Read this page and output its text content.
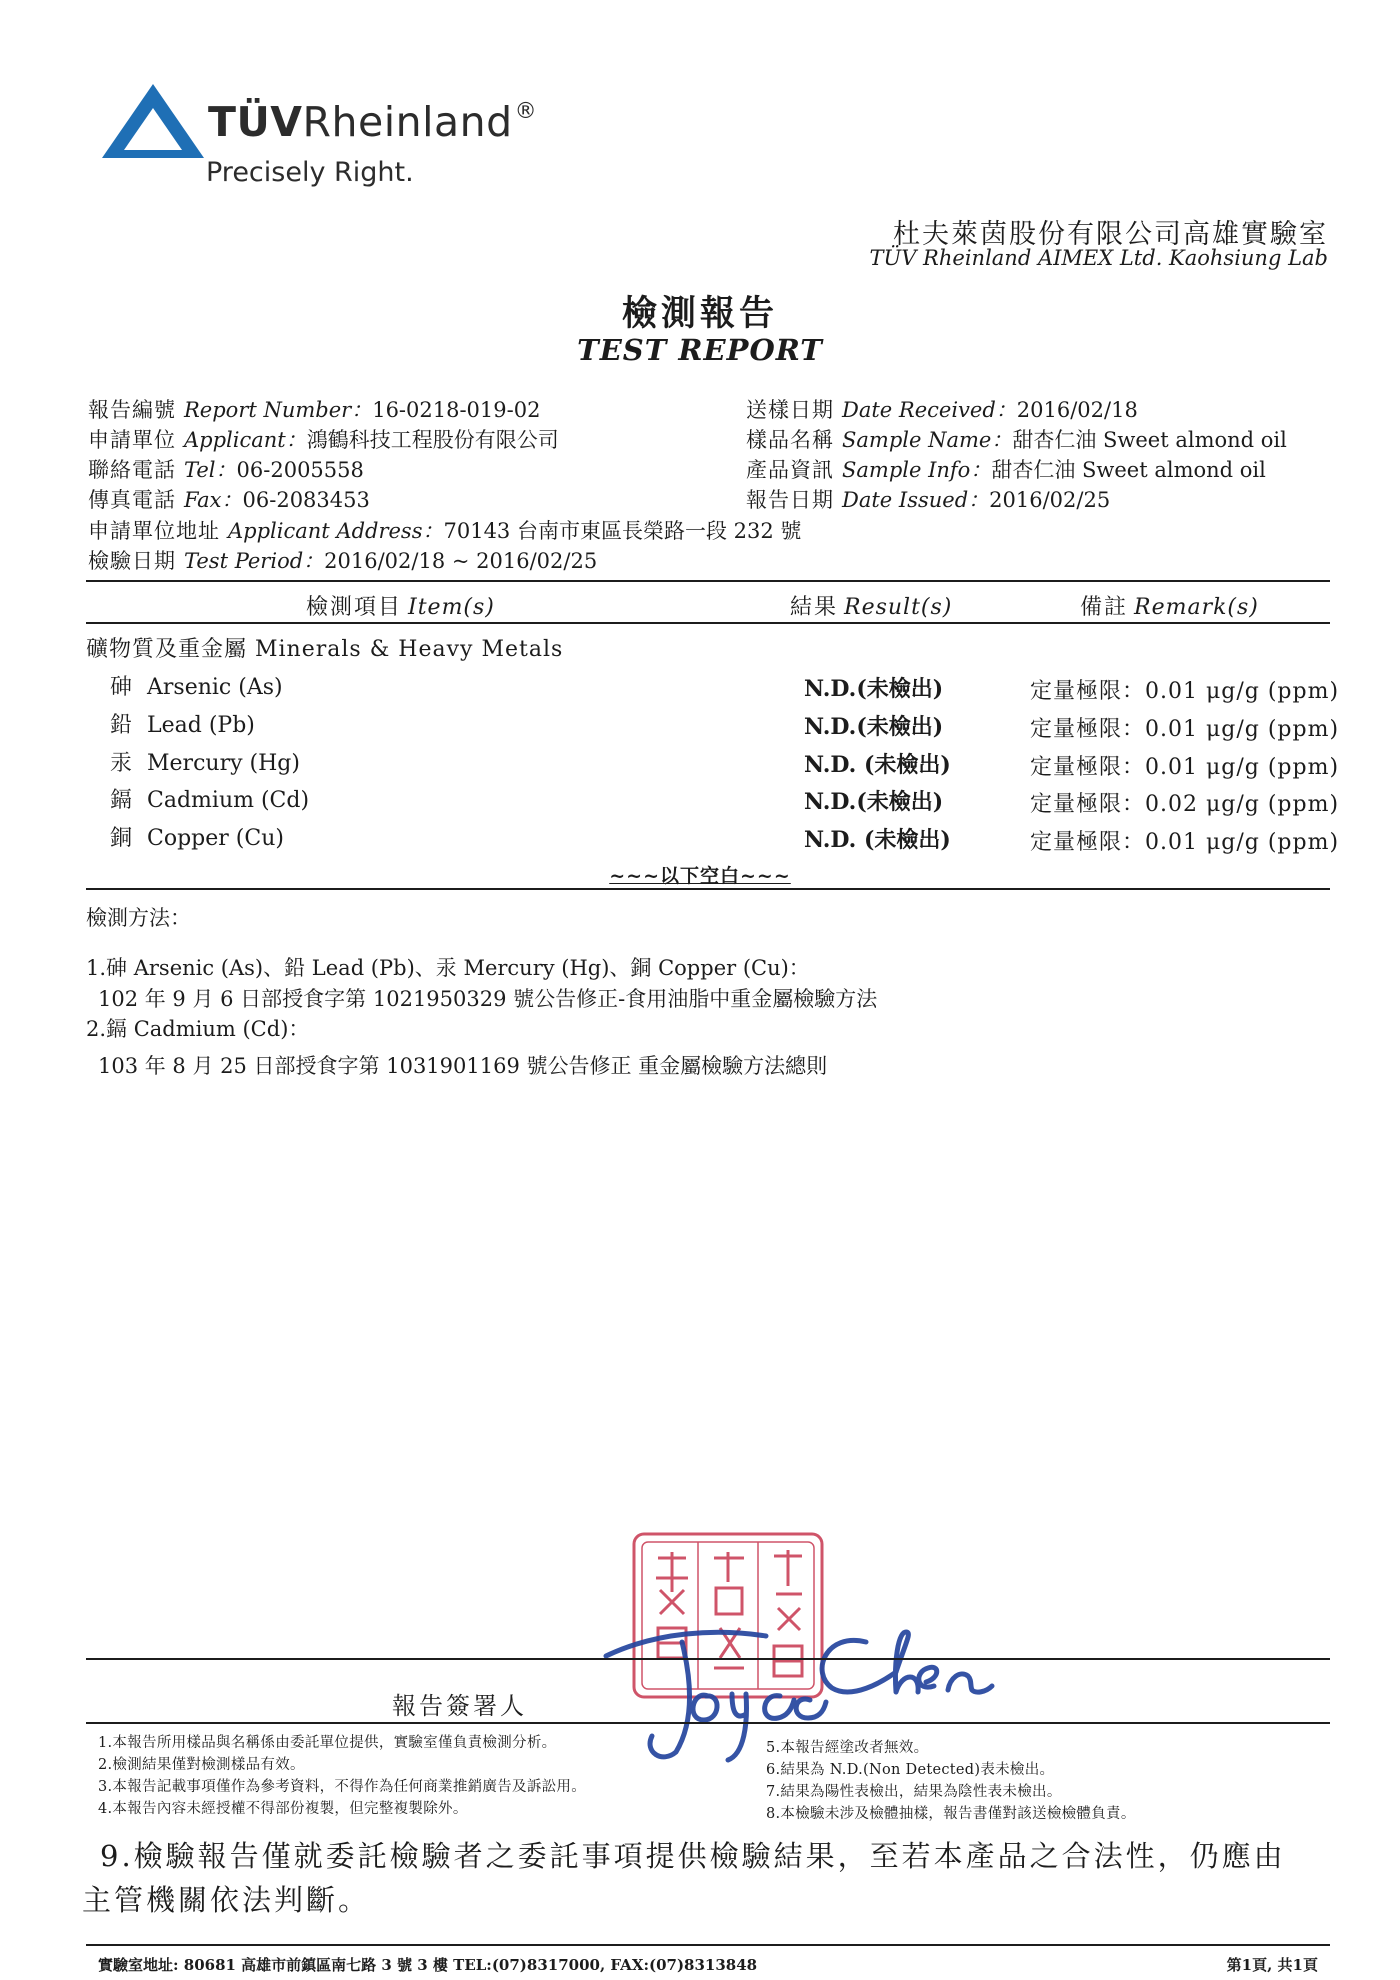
TÜVRheinland®
Precisely Right.
杜夫萊茵股份有限公司高雄實驗室
TÜV Rheinland AIMEX Ltd. Kaohsiung Lab
檢測報告
TEST REPORT
報告編號 Report Number：16-0218-019-02
申請單位 Applicant：鴻鶴科技工程股份有限公司
聯絡電話 Tel：06-2005558
傳真電話 Fax：06-2083453
申請單位地址 Applicant Address：70143 台南市東區長榮路一段 232 號
檢驗日期 Test Period：2016/02/18 ~ 2016/02/25
送樣日期 Date Received：2016/02/18
樣品名稱 Sample Name：甜杏仁油 Sweet almond oil
產品資訊 Sample Info：甜杏仁油 Sweet almond oil
報告日期 Date Issued：2016/02/25
檢測項目 Item(s)	結果 Result(s)	備註 Remark(s)
礦物質及重金屬 Minerals & Heavy Metals
砷 Arsenic (As)	N.D.(未檢出)	定量極限：0.01 μg/g (ppm)
鉛 Lead (Pb)	N.D.(未檢出)	定量極限：0.01 μg/g (ppm)
汞 Mercury (Hg)	N.D. (未檢出)	定量極限：0.01 μg/g (ppm)
鎘 Cadmium (Cd)	N.D.(未檢出)	定量極限：0.02 μg/g (ppm)
銅 Copper (Cu)	N.D. (未檢出)	定量極限：0.01 μg/g (ppm)
~~~以下空白~~~
檢測方法：
1.砷 Arsenic (As)、鉛 Lead (Pb)、汞 Mercury (Hg)、銅 Copper (Cu)：
102 年 9 月 6 日部授食字第 1021950329 號公告修正-食用油脂中重金屬檢驗方法
2.鎘 Cadmium (Cd)：
103 年 8 月 25 日部授食字第 1031901169 號公告修正 重金屬檢驗方法總則
報告簽署人
1.本報告所用樣品與名稱係由委託單位提供，實驗室僅負責檢測分析。
2.檢測結果僅對檢測樣品有效。
3.本報告記載事項僅作為參考資料，不得作為任何商業推銷廣告及訴訟用。
4.本報告內容未經授權不得部份複製，但完整複製除外。
5.本報告經塗改者無效。
6.結果為 N.D.(Non Detected)表未檢出。
7.結果為陽性表檢出，結果為陰性表未檢出。
8.本檢驗未涉及檢體抽樣，報告書僅對該送檢檢體負責。
9.檢驗報告僅就委託檢驗者之委託事項提供檢驗結果，至若本產品之合法性，仍應由
主管機關依法判斷。
實驗室地址: 80681 高雄市前鎮區南七路 3 號 3 樓 TEL:(07)8317000, FAX:(07)8313848	第1頁, 共1頁
